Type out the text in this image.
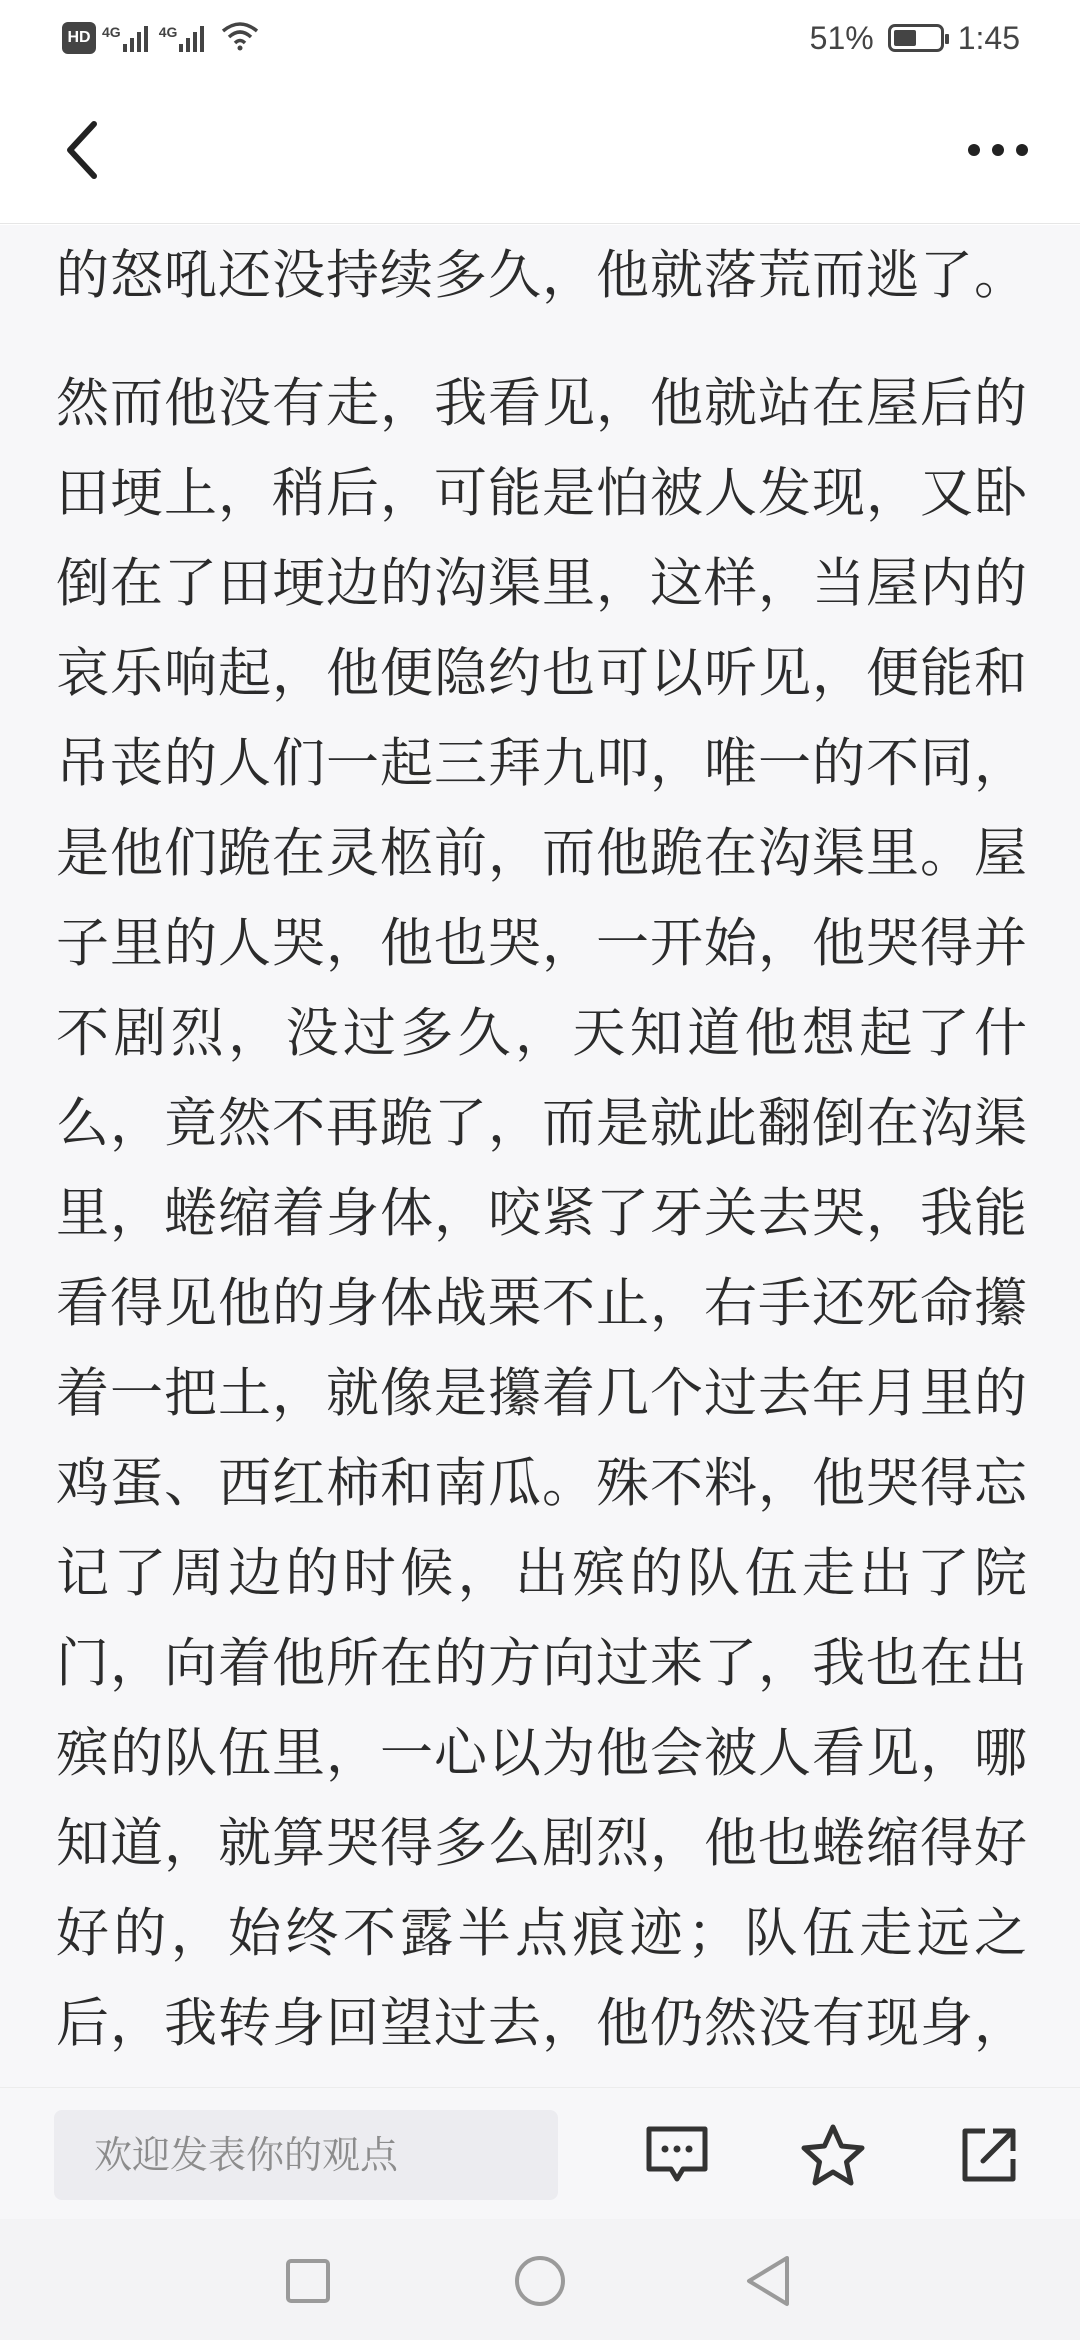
HD 4G	4G	51%	1:45

的怒吼还没持续多久，他就落荒而逃了。

然而他没有走，我看见，他就站在屋后的田埂上，稍后，可能是怕被人发现，又卧倒在了田埂边的沟渠里，这样，当屋内的哀乐响起，他便隐约也可以听见，便能和吊丧的人们一起三拜九叩，唯一的不同，是他们跪在灵柩前，而他跪在沟渠里。屋子里的人哭，他也哭，一开始，他哭得并不剧烈，没过多久，天知道他想起了什么，竟然不再跪了，而是就此翻倒在沟渠里，蜷缩着身体，咬紧了牙关去哭，我能看得见他的身体战栗不止，右手还死命攥着一把土，就像是攥着几个过去年月里的鸡蛋、西红柿和南瓜。殊不料，他哭得忘记了周边的时候，出殡的队伍走出了院门，向着他所在的方向过来了，我也在出殡的队伍里，一心以为他会被人看见，哪知道，就算哭得多么剧烈，他也蜷缩得好好的，始终不露半点痕迹；队伍走远之后，我转身回望过去，他仍然没有现身，

欢迎发表你的观点
